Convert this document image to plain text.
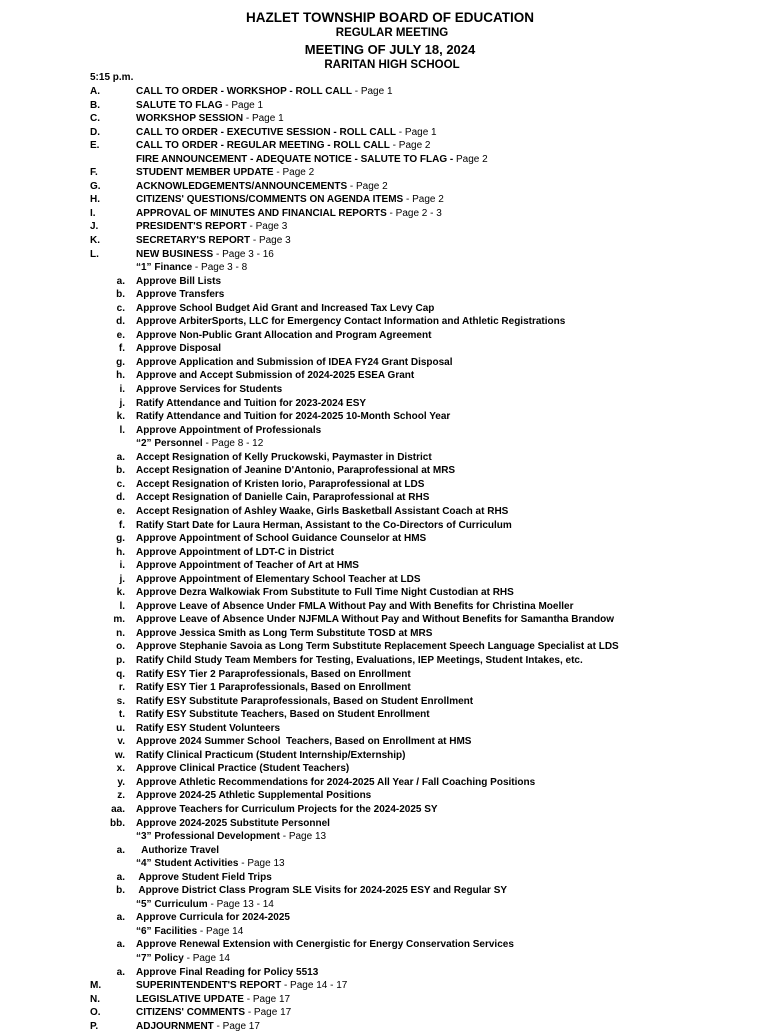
HAZLET TOWNSHIP BOARD OF EDUCATION
REGULAR MEETING
MEETING OF JULY 18, 2024
RARITAN HIGH SCHOOL
5:15 p.m.
A.	CALL TO ORDER - WORKSHOP - ROLL CALL - Page 1
B.	SALUTE TO FLAG - Page 1
C.	WORKSHOP SESSION - Page 1
D.	CALL TO ORDER - EXECUTIVE SESSION - ROLL CALL - Page 1
E.	CALL TO ORDER - REGULAR MEETING - ROLL CALL - Page 2
FIRE ANNOUNCEMENT - ADEQUATE NOTICE - SALUTE TO FLAG - Page 2
F.	STUDENT MEMBER UPDATE - Page 2
G.	ACKNOWLEDGEMENTS/ANNOUNCEMENTS - Page 2
H.	CITIZENS' QUESTIONS/COMMENTS ON AGENDA ITEMS - Page 2
I.	APPROVAL OF MINUTES AND FINANCIAL REPORTS - Page 2 - 3
J.	PRESIDENT'S REPORT - Page 3
K.	SECRETARY'S REPORT - Page 3
L.	NEW BUSINESS - Page 3 - 16
“1” Finance - Page 3 - 8
a. Approve Bill Lists
b. Approve Transfers
c. Approve School Budget Aid Grant and Increased Tax Levy Cap
d. Approve ArbiterSports, LLC for Emergency Contact Information and Athletic Registrations
e. Approve Non-Public Grant Allocation and Program Agreement
f. Approve Disposal
g. Approve Application and Submission of IDEA FY24 Grant Disposal
h. Approve and Accept Submission of 2024-2025 ESEA Grant
i. Approve Services for Students
j. Ratify Attendance and Tuition for 2023-2024 ESY
k. Ratify Attendance and Tuition for 2024-2025 10-Month School Year
l. Approve Appointment of Professionals
“2” Personnel - Page 8 - 12
a. Accept Resignation of Kelly Pruckowski, Paymaster in District
b. Accept Resignation of Jeanine D'Antonio, Paraprofessional at MRS
c. Accept Resignation of Kristen Iorio, Paraprofessional at LDS
d. Accept Resignation of Danielle Cain, Paraprofessional at RHS
e. Accept Resignation of Ashley Waake, Girls Basketball Assistant Coach at RHS
f. Ratify Start Date for Laura Herman, Assistant to the Co-Directors of Curriculum
g. Approve Appointment of School Guidance Counselor at HMS
h. Approve Appointment of LDT-C in District
i. Approve Appointment of Teacher of Art at HMS
j. Approve Appointment of Elementary School Teacher at LDS
k. Approve Dezra Walkowiak From Substitute to Full Time Night Custodian at RHS
l. Approve Leave of Absence Under FMLA Without Pay and With Benefits for Christina Moeller
m. Approve Leave of Absence Under NJFMLA Without Pay and Without Benefits for Samantha Brandow
n. Approve Jessica Smith as Long Term Substitute TOSD at MRS
o. Approve Stephanie Savoia as Long Term Substitute Replacement Speech Language Specialist at LDS
p. Ratify Child Study Team Members for Testing, Evaluations, IEP Meetings, Student Intakes, etc.
q. Ratify ESY Tier 2 Paraprofessionals, Based on Enrollment
r. Ratify ESY Tier 1 Paraprofessionals, Based on Enrollment
s. Ratify ESY Substitute Paraprofessionals, Based on Student Enrollment
t. Ratify ESY Substitute Teachers, Based on Student Enrollment
u. Ratify ESY Student Volunteers
v. Approve 2024 Summer School  Teachers, Based on Enrollment at HMS
w. Ratify Clinical Practicum (Student Internship/Externship)
x. Approve Clinical Practice (Student Teachers)
y. Approve Athletic Recommendations for 2024-2025 All Year / Fall Coaching Positions
z. Approve 2024-25 Athletic Supplemental Positions
aa. Approve Teachers for Curriculum Projects for the 2024-2025 SY
bb. Approve 2024-2025 Substitute Personnel
“3” Professional Development - Page 13
a. Authorize Travel
“4” Student Activities - Page 13
a. Approve Student Field Trips
b. Approve District Class Program SLE Visits for 2024-2025 ESY and Regular SY
“5” Curriculum - Page 13 - 14
a. Approve Curricula for 2024-2025
“6” Facilities - Page 14
a. Approve Renewal Extension with Cenergistic for Energy Conservation Services
“7” Policy - Page 14
a. Approve Final Reading for Policy 5513
M.	SUPERINTENDENT'S REPORT - Page 14 - 17
N.	LEGISLATIVE UPDATE - Page 17
O.	CITIZENS' COMMENTS - Page 17
P.	ADJOURNMENT - Page 17
